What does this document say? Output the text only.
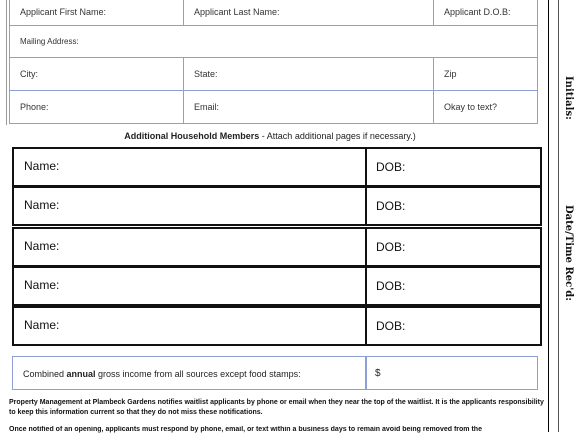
Applicant First Name:	Applicant Last Name:	Applicant D.O.B:
Mailing Address:
City:	State:	Zip
Phone:	Email:	Okay to text?
Additional Household Members - Attach additional pages if necessary.)
Name:	DOB:
Name:	DOB:
Name:	DOB:
Name:	DOB:
Name:	DOB:
Combined annual gross income from all sources except food stamps:	$
Property Management at Plambeck Gardens notifies waitlist applicants by phone or email when they near the top of the waitlist. It is the applicants responsibility to keep this information current so that they do not miss these notifications.
Once notified of an opening, applicants must respond by phone, email, or text within a business days to remain avoid being removed from the
Initials:
Date/Time Rec'd:
